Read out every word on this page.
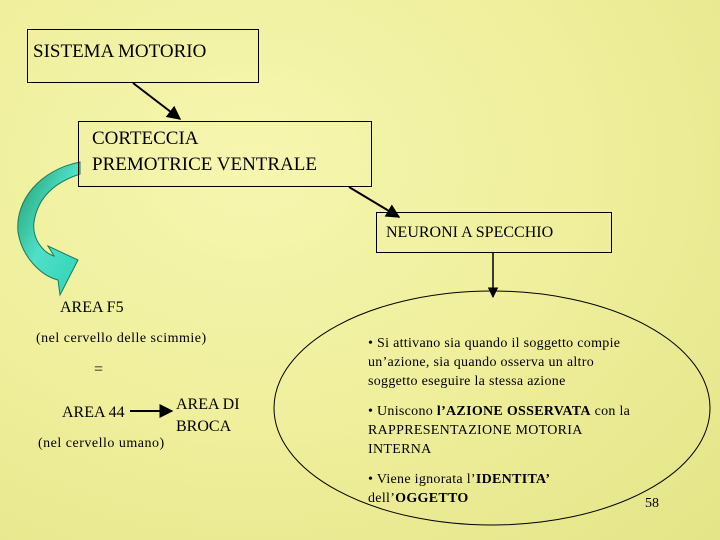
SISTEMA MOTORIO
CORTECCIA
PREMOTRICE VENTRALE
NEURONI A SPECCHIO
AREA F5
(nel cervello delle scimmie)
=
AREA 44	AREA DI
BROCA
(nel cervello umano)
• Si attivano sia quando il soggetto compie
un’azione, sia quando osserva un altro
soggetto eseguire la stessa azione
• Uniscono l’AZIONE OSSERVATA con la
RAPPRESENTAZIONE MOTORIA
INTERNA
• Viene ignorata l’IDENTITA’
dell’OGGETTO	58
